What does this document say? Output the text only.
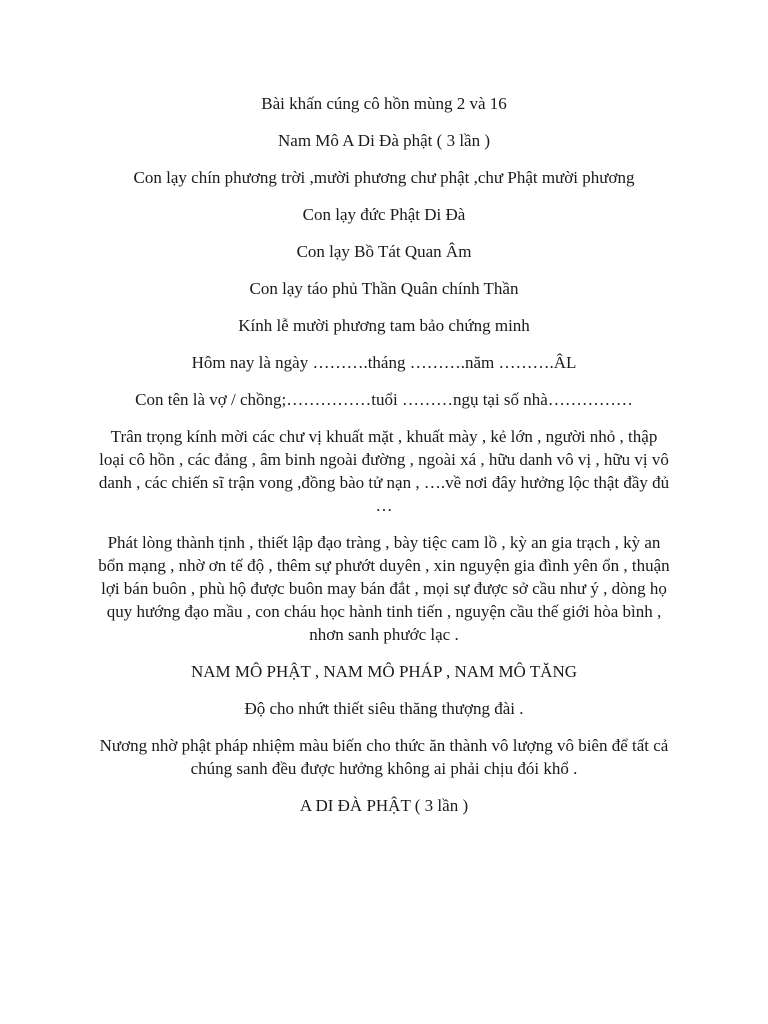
Bài khấn cúng cô hồn mùng 2 và 16

Nam Mô A Di Đà phật ( 3 lần )

Con lạy chín phương trời ,mười phương chư phật ,chư Phật mười phương

Con lạy đức Phật Di Đà

Con lạy Bồ Tát Quan Âm

Con lạy táo phủ Thần Quân chính Thần

Kính lễ mười phương tam bảo chứng minh

Hôm nay là ngày ……….tháng ……….năm ……….ÂL

Con tên là vợ / chồng;……………tuổi ………ngụ tại số nhà……………

Trân trọng kính mời các chư vị khuất mặt , khuất mày , kẻ lớn , người nhỏ , thập loại cô hồn , các đảng , âm binh ngoài đường , ngoài xá , hữu danh vô vị , hữu vị vô danh , các chiến sĩ trận vong ,đồng bào tử nạn , ….về nơi đây hưởng lộc thật đầy đủ …

Phát lòng thành tịnh , thiết lập đạo tràng , bày tiệc cam lồ , kỳ an gia trạch , kỳ an bổn mạng , nhờ ơn tế độ , thêm sự phướt duyên , xin nguyện gia đình yên ổn , thuận lợi bán buôn , phù hộ được buôn may bán đắt , mọi sự được sở cầu như ý , dòng họ quy hướng đạo mầu , con cháu học hành tinh tiến , nguyện cầu thế giới hòa bình , nhơn sanh phước lạc .

NAM MÔ PHẬT , NAM MÔ PHÁP , NAM MÔ TĂNG

Độ cho nhứt thiết siêu thăng thượng đài .

Nương nhờ phật pháp nhiệm màu biến cho thức ăn thành vô lượng vô biên để tất cả chúng sanh đều được hưởng không ai phải chịu đói khổ .

A DI ĐÀ PHẬT ( 3 lần )
